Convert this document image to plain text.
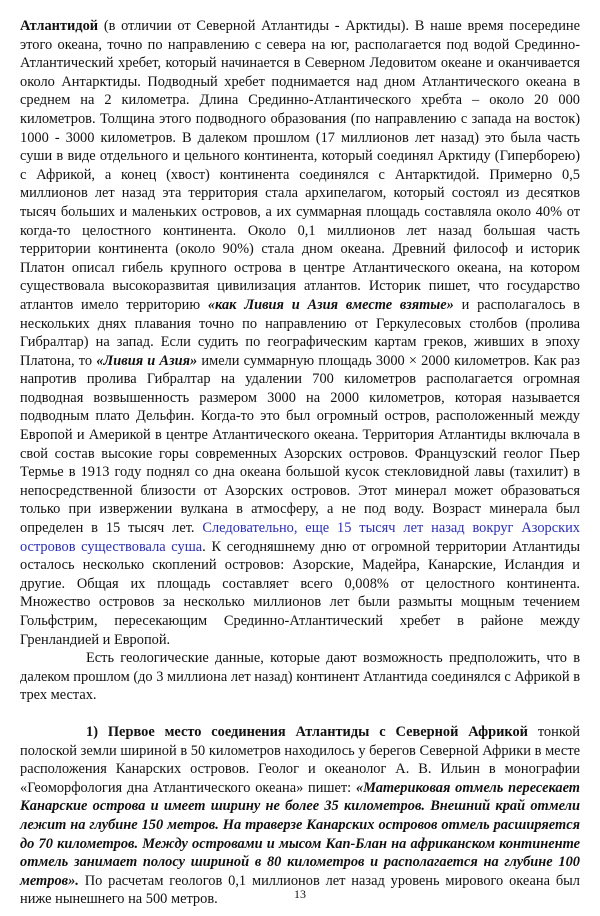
Атлантидой (в отличии от Северной Атлантиды - Арктиды). В наше время посередине этого океана, точно по направлению с севера на юг, располагается под водой Срединно-Атлантический хребет, который начинается в Северном Ледовитом океане и оканчивается около Антарктиды. Подводный хребет поднимается над дном Атлантического океана в среднем на 2 километра. Длина Срединно-Атлантического хребта – около 20 000 километров. Толщина этого подводного образования (по направлению с запада на восток) 1000 - 3000 километров. В далеком прошлом (17 миллионов лет назад) это была часть суши в виде отдельного и цельного континента, который соединял Арктиду (Гиперборею) с Африкой, а конец (хвост) континента соединялся с Антарктидой. Примерно 0,5 миллионов лет назад эта территория стала архипелагом, который состоял из десятков тысяч больших и маленьких островов, а их суммарная площадь составляла около 40% от когда-то целостного континента. Около 0,1 миллионов лет назад большая часть территории континента (около 90%) стала дном океана. Древний философ и историк Платон описал гибель крупного острова в центре Атлантического океана, на котором существовала высокоразвитая цивилизация атлантов. Историк пишет, что государство атлантов имело территорию «как Ливия и Азия вместе взятые» и располагалось в нескольких днях плавания точно по направлению от Геркулесовых столбов (пролива Гибралтар) на запад. Если судить по географическим картам греков, живших в эпоху Платона, то «Ливия и Азия» имели суммарную площадь 3000 × 2000 километров. Как раз напротив пролива Гибралтар на удалении 700 километров располагается огромная подводная возвышенность размером 3000 на 2000 километров, которая называется подводным плато Дельфин. Когда-то это был огромный остров, расположенный между Европой и Америкой в центре Атлантического океана. Территория Атлантиды включала в свой состав высокие горы современных Азорских островов. Французский геолог Пьер Термье в 1913 году поднял со дна океана большой кусок стекловидной лавы (тахилит) в непосредственной близости от Азорских островов. Этот минерал может образоваться только при извержении вулкана в атмосферу, а не под воду. Возраст минерала был определен в 15 тысяч лет. Следовательно, еще 15 тысяч лет назад вокруг Азорских островов существовала суша. К сегодняшнему дню от огромной территории Атлантиды осталось несколько скоплений островов: Азорские, Мадейра, Канарские, Исландия и другие. Общая их площадь составляет всего 0,008% от целостного континента. Множество островов за несколько миллионов лет были размыты мощным течением Гольфстрим, пересекающим Срединно-Атлантический хребет в районе между Гренландией и Европой.

Есть геологические данные, которые дают возможность предположить, что в далеком прошлом (до 3 миллиона лет назад) континент Атлантида соединялся с Африкой в трех местах.

1) Первое место соединения Атлантиды с Северной Африкой тонкой полоской земли шириной в 50 километров находилось у берегов Северной Африки в месте расположения Канарских островов. Геолог и океанолог А. В. Ильин в монографии «Геоморфология дна Атлантического океана» пишет: «Материковая отмель пересекает Канарские острова и имеет ширину не более 35 километров. Внешний край отмели лежит на глубине 150 метров. На траверзе Канарских островов отмель расширяется до 70 километров. Между островами и мысом Кап-Блан на африканском континенте отмель занимает полосу шириной в 80 километров и располагается на глубине 100 метров». По расчетам геологов 0,1 миллионов лет назад уровень мирового океана был ниже нынешнего на 500 метров.	13
